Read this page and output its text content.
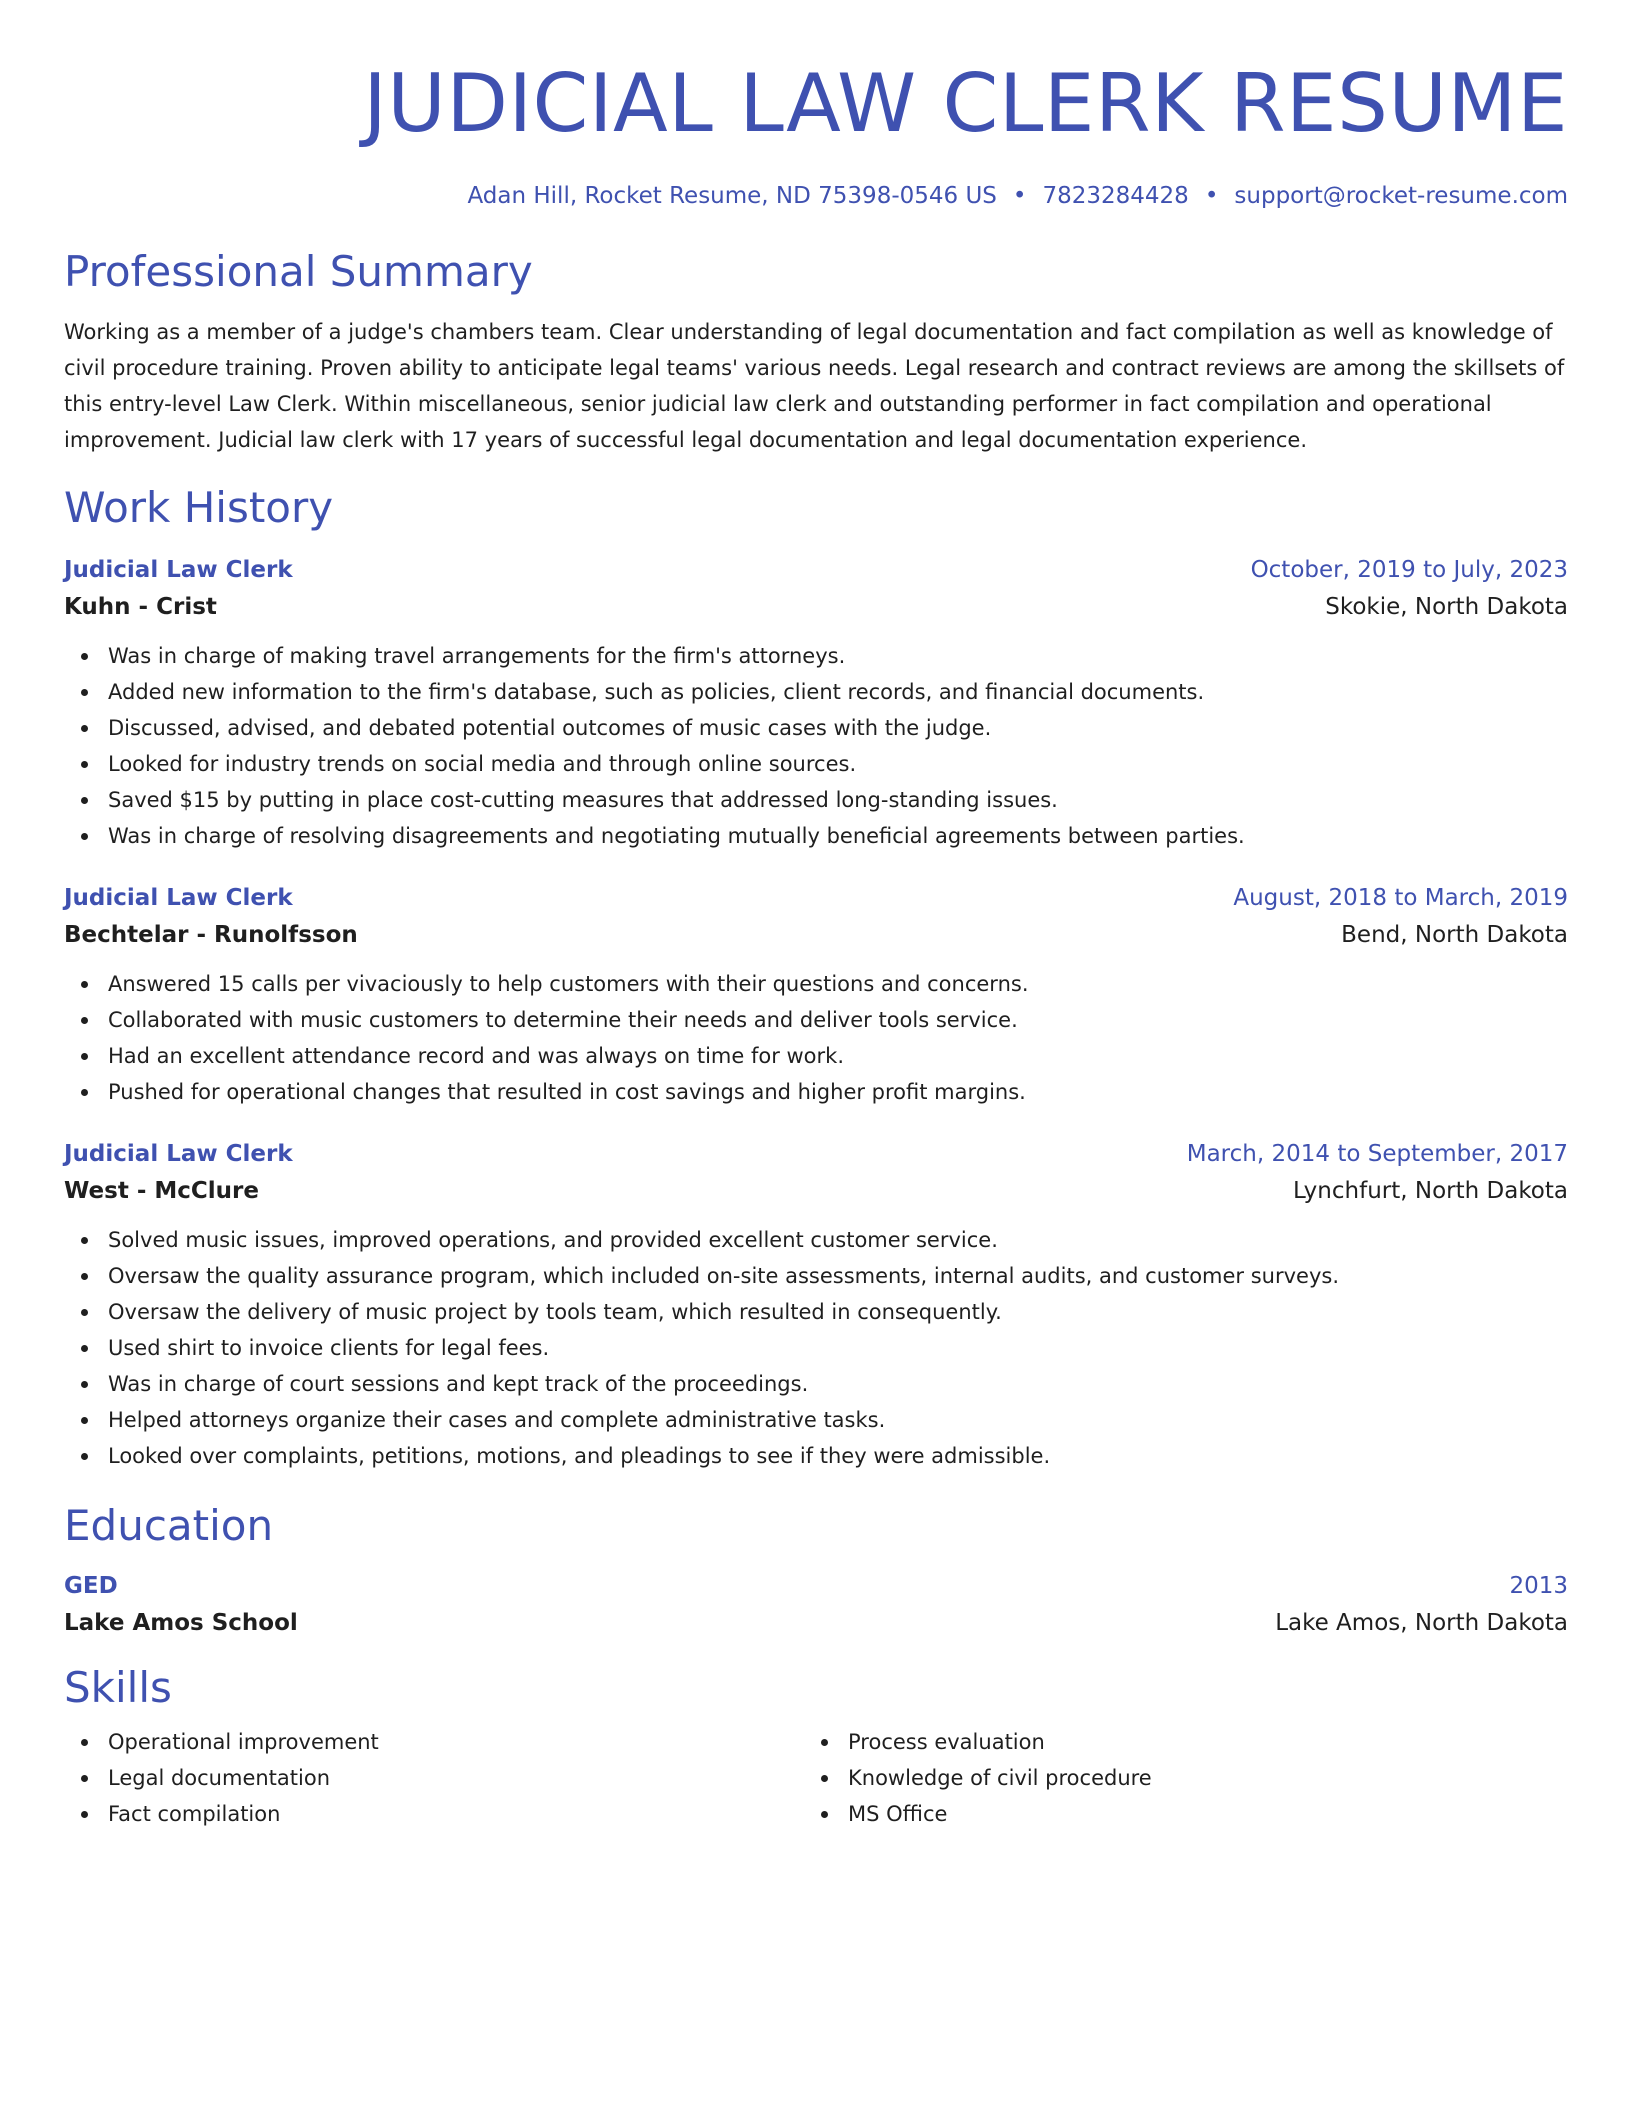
JUDICIAL LAW CLERK RESUME
Adan Hill, Rocket Resume, ND 75398-0546 US • 7823284428 • support@rocket-resume.com
Professional Summary

Working as a member of a judge's chambers team. Clear understanding of legal documentation and fact compilation as well as knowledge of civil procedure training. Proven ability to anticipate legal teams' various needs. Legal research and contract reviews are among the skillsets of this entry-level Law Clerk. Within miscellaneous, senior judicial law clerk and outstanding performer in fact compilation and operational improvement. Judicial law clerk with 17 years of successful legal documentation and legal documentation experience.

Work History
Judicial Law Clerk	October, 2019 to July, 2023
Kuhn - Crist	Skokie, North Dakota
Was in charge of making travel arrangements for the firm's attorneys.
Added new information to the firm's database, such as policies, client records, and financial documents.
Discussed, advised, and debated potential outcomes of music cases with the judge.
Looked for industry trends on social media and through online sources.
Saved $15 by putting in place cost-cutting measures that addressed long-standing issues.
Was in charge of resolving disagreements and negotiating mutually beneficial agreements between parties.
Judicial Law Clerk	August, 2018 to March, 2019
Bechtelar - Runolfsson	Bend, North Dakota
Answered 15 calls per vivaciously to help customers with their questions and concerns.
Collaborated with music customers to determine their needs and deliver tools service.
Had an excellent attendance record and was always on time for work.
Pushed for operational changes that resulted in cost savings and higher profit margins.
Judicial Law Clerk	March, 2014 to September, 2017
West - McClure	Lynchfurt, North Dakota
Solved music issues, improved operations, and provided excellent customer service.
Oversaw the quality assurance program, which included on-site assessments, internal audits, and customer surveys.
Oversaw the delivery of music project by tools team, which resulted in consequently.
Used shirt to invoice clients for legal fees.
Was in charge of court sessions and kept track of the proceedings.
Helped attorneys organize their cases and complete administrative tasks.
Looked over complaints, petitions, motions, and pleadings to see if they were admissible.
Education
GED	2013
Lake Amos School	Lake Amos, North Dakota
Skills
Operational improvement
Legal documentation
Fact compilation
Process evaluation
Knowledge of civil procedure
MS Office
